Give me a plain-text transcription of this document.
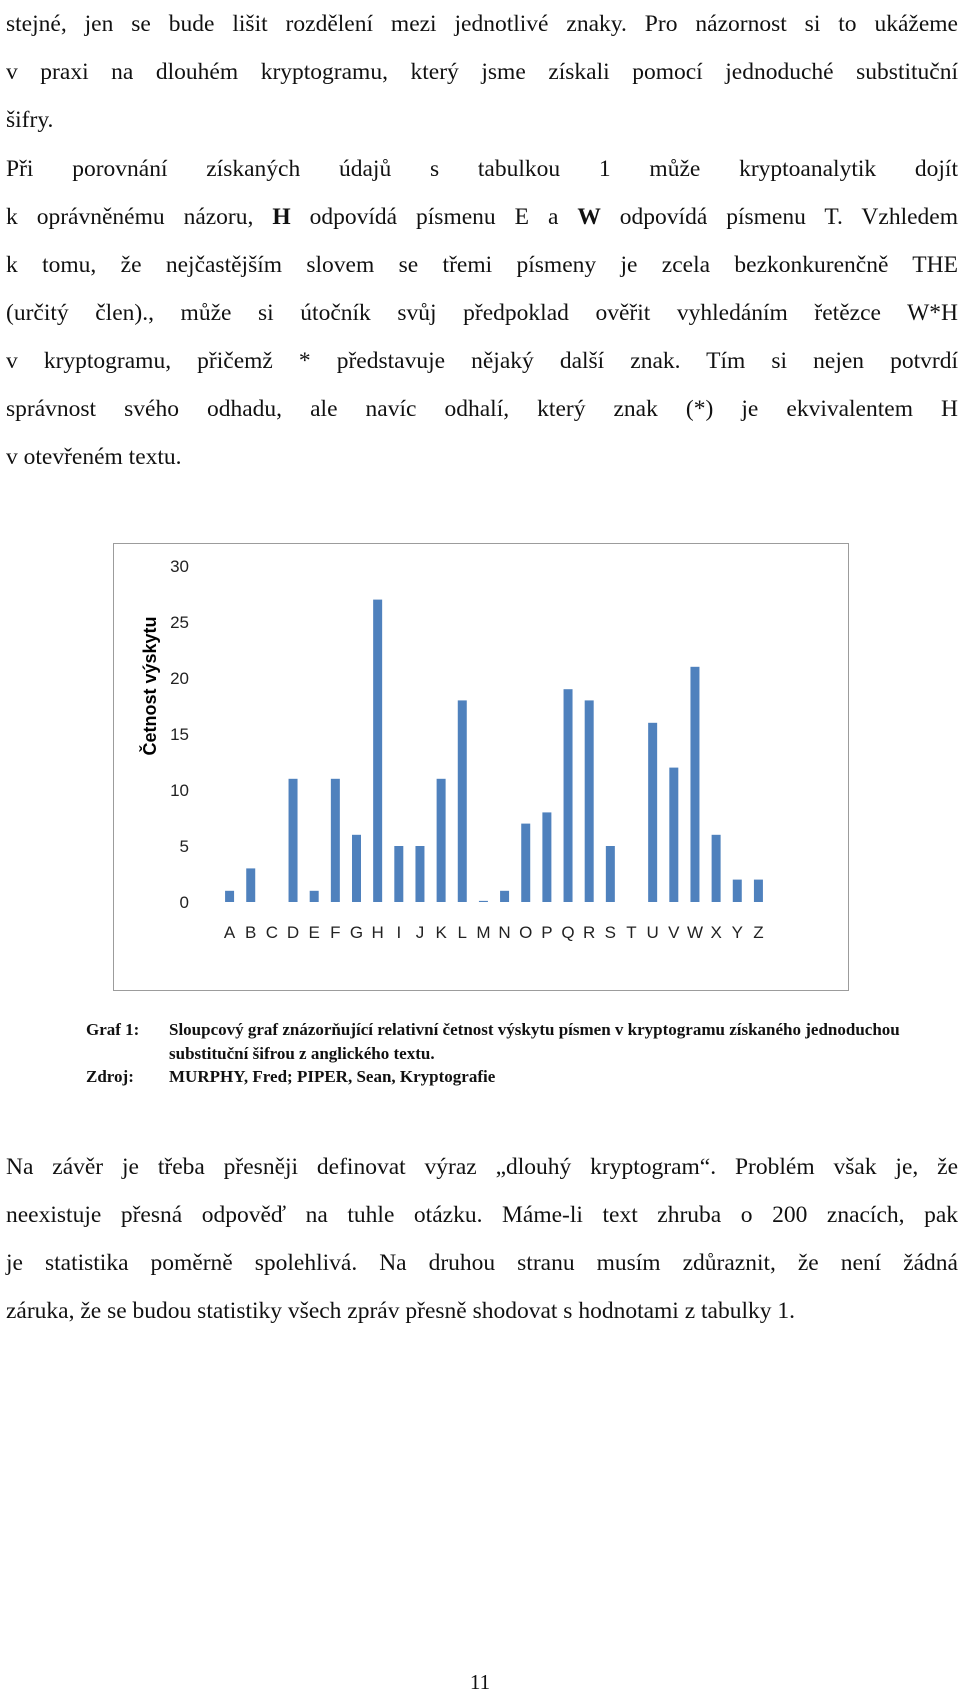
stejné, jen se bude lišit rozdělení mezi jednotlivé znaky. Pro názornost si to ukážeme
v praxi na dlouhém kryptogramu, který jsme získali pomocí jednoduché substituční
šifry.
Při porovnání získaných údajů s tabulkou 1 může kryptoanalytik dojít
k oprávněnému názoru, H odpovídá písmenu E a W odpovídá písmenu T. Vzhledem
k tomu, že nejčastějším slovem se třemi písmeny je zcela bezkonkurenčně THE
(určitý člen)., může si útočník svůj předpoklad ověřit vyhledáním řetězce W*H
v kryptogramu, přičemž * představuje nějaký další znak. Tím si nejen potvrdí
správnost svého odhadu, ale navíc odhalí, který znak (*) je ekvivalentem H
v otevřeném textu.
0
5
10
15
20
25
30
A B C D E F G H I J K L M N O P Q R S T U V W X Y Z
Četnost výskytu
Graf 1:	Sloupcový graf znázorňující relativní četnost výskytu písmen v kryptogramu získaného jednoduchou substituční šifrou z anglického textu.
Zdroj:	MURPHY, Fred; PIPER, Sean, Kryptografie
Na závěr je třeba přesněji definovat výraz „dlouhý kryptogram“. Problém však je, že
neexistuje přesná odpověď na tuhle otázku. Máme-li text zhruba o 200 znacích, pak
je statistika poměrně spolehlivá. Na druhou stranu musím zdůraznit, že není žádná
záruka, že se budou statistiky všech zpráv přesně shodovat s hodnotami z tabulky 1.
11
